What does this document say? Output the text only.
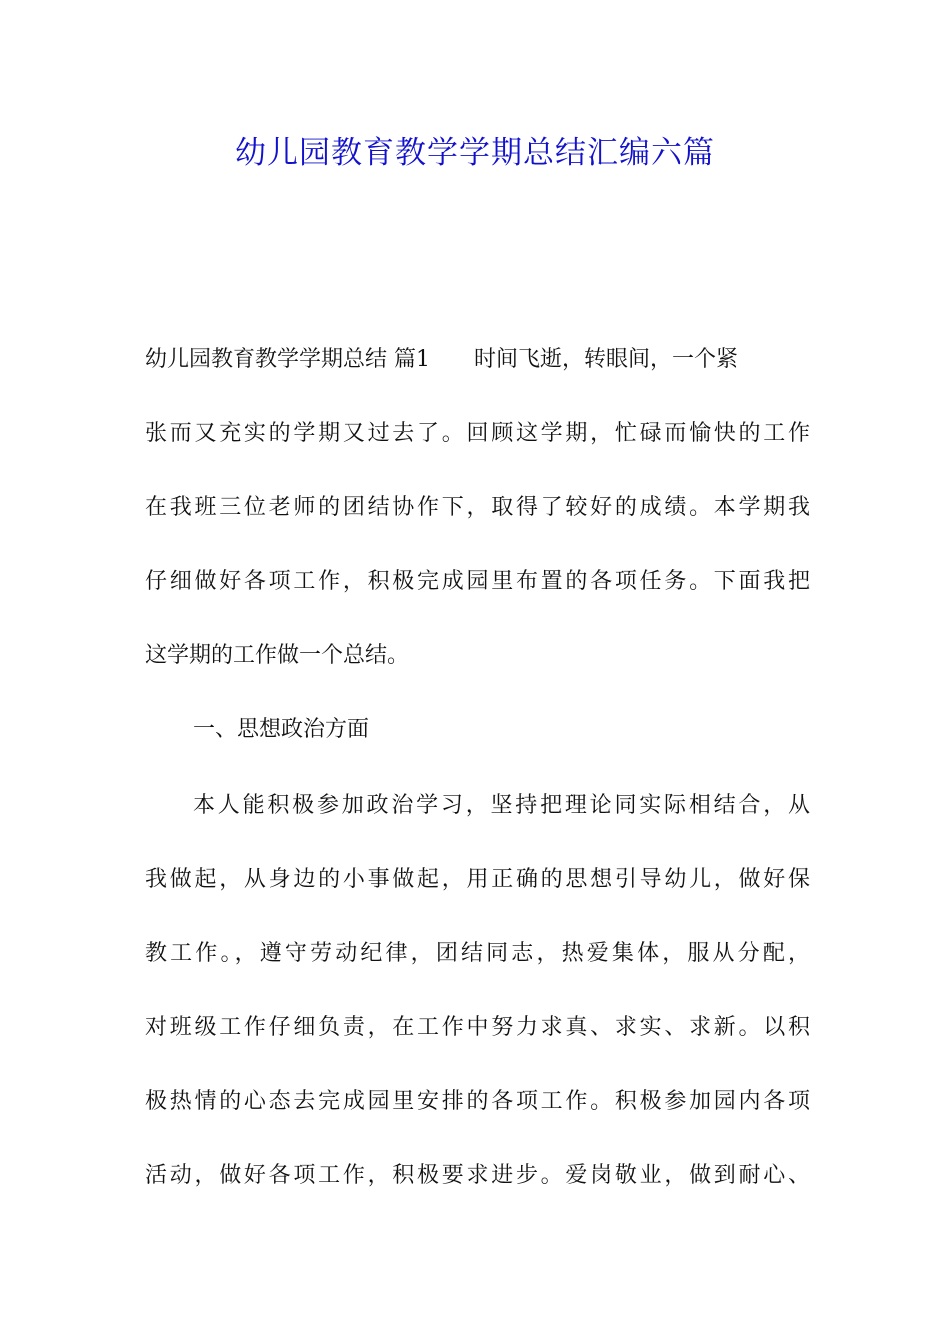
幼儿园教育教学学期总结汇编六篇
幼儿园教育教学学期总结 篇1 时间飞逝，转眼间，一个紧
张而又充实的学期又过去了。回顾这学期，忙碌而愉快的工作
在我班三位老师的团结协作下，取得了较好的成绩。本学期我
仔细做好各项工作，积极完成园里布置的各项任务。下面我把
这学期的工作做一个总结。
一、思想政治方面
本人能积极参加政治学习，坚持把理论同实际相结合，从
我做起，从身边的小事做起，用正确的思想引导幼儿，做好保
教工作。，遵守劳动纪律，团结同志，热爱集体，服从分配，
对班级工作仔细负责，在工作中努力求真、求实、求新。以积
极热情的心态去完成园里安排的各项工作。积极参加园内各项
活动，做好各项工作，积极要求进步。爱岗敬业，做到耐心、
